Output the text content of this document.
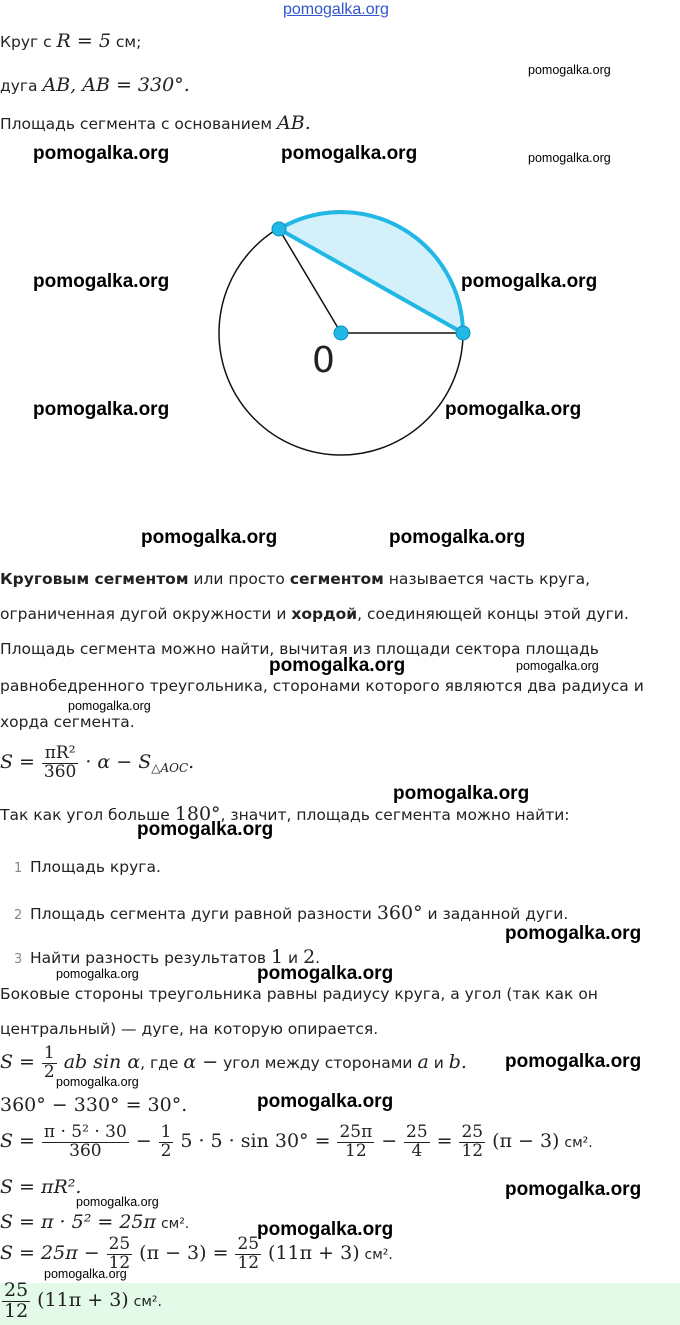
Круг с R = 5 см;
дуга AB, AB = 330°.
Площадь сегмента с основанием AB.
0
Круговым сегментом или просто сегментом называется часть круга,
ограниченная дугой окружности и хордой, соединяющей концы этой дуги.
Площадь сегмента можно найти, вычитая из площади сектора площадь
равнобедренного треугольника, сторонами которого являются два радиуса и
хорда сегмента.
$S = \frac{\text{πR²}}{360} \cdot \alpha - S_{\triangle AOC}$.
Так как угол больше 180°, значит, площадь сегмента можно найти:
1 Площадь круга.
2 Площадь сегмента дуги равной разности 360° и заданной дуги.
3 Найти разность результатов 1 и 2.
Боковые стороны треугольника равны радиусу круга, а угол (так как он
центральный) — дуге, на которую опирается.
$S = \frac{1}{2}$ ab sin α, где α − угол между сторонами a и b.
360° − 330° = 30°.
$S = \frac{\text{π · 5² · 30}}{360} - \frac{1}{2} 5 \cdot 5 \cdot \sin 30^\circ = \frac{25\pi}{12} - \frac{25}{4} = \frac{25}{12} (\pi - 3)$ см².
S = πR².
S = π · 5² = 25π см².
$S = 25\pi - \frac{25}{12} (\pi - 3) = \frac{25}{12} (11\pi + 3)$ см².
$\frac{25}{12} (11\pi + 3)$ см².
pomogalka.org
pomogalka.org
pomogalka.org	pomogalka.org	pomogalka.org
pomogalka.org	pomogalka.org
pomogalka.org	pomogalka.org
pomogalka.org	pomogalka.org
pomogalka.org	pomogalka.org
pomogalka.org
pomogalka.org
pomogalka.org
pomogalka.org
pomogalka.org	pomogalka.org
pomogalka.org
pomogalka.org
pomogalka.org
pomogalka.org
pomogalka.org
pomogalka.org
pomogalka.org
